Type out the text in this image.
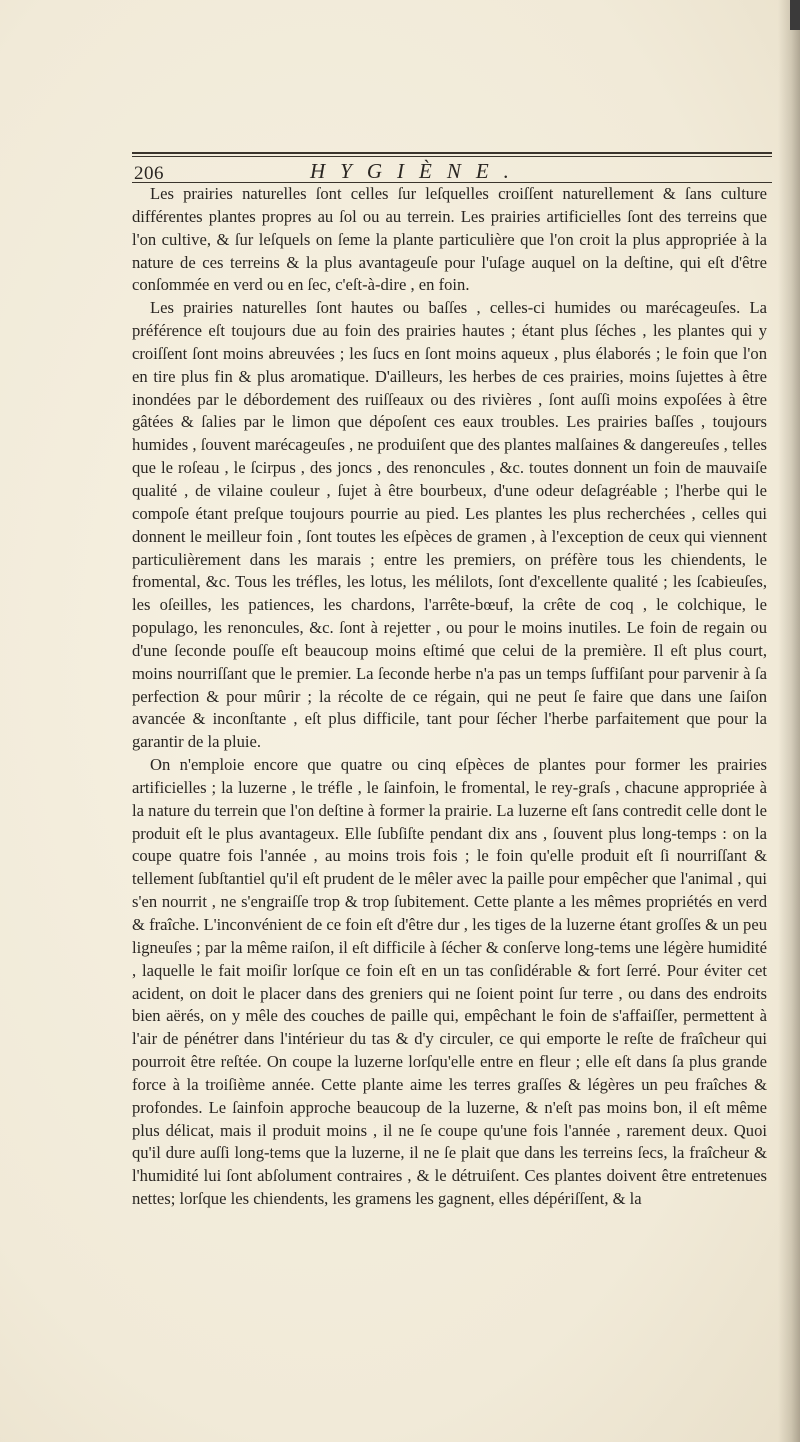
206	HYGIÈNE.

Les prairies naturelles ſont celles ſur leſquelles croiſſent naturellement & ſans culture différentes plantes propres au ſol ou au terrein. Les prairies artificielles ſont des terreins que l'on cultive, & ſur leſquels on ſeme la plante particulière que l'on croit la plus appropriée à la nature de ces terreins & la plus avantageuſe pour l'uſage auquel on la deſtine, qui eſt d'être conſommée en verd ou en ſec, c'eſt-à-dire , en foin.

Les prairies naturelles ſont hautes ou baſſes , celles-ci humides ou marécageuſes. La préférence eſt toujours due au foin des prairies hautes ; étant plus ſéches , les plantes qui y croiſſent ſont moins abreuvées ; les ſucs en ſont moins aqueux , plus élaborés ; le foin que l'on en tire plus fin & plus aromatique. D'ailleurs, les herbes de ces prairies, moins ſujettes à être inondées par le débordement des ruiſſeaux ou des rivières , ſont auſſi moins expoſées à être gâtées & ſalies par le limon que dépoſent ces eaux troubles. Les prairies baſſes , toujours humides , ſouvent marécageuſes , ne produiſent que des plantes malſaines & dangereuſes , telles que le roſeau , le ſcirpus , des joncs , des renoncules , &c. toutes donnent un foin de mauvaiſe qualité , de vilaine couleur , ſujet à être bourbeux, d'une odeur deſagréable ; l'herbe qui le compoſe étant preſque toujours pourrie au pied. Les plantes les plus recherchées , celles qui donnent le meilleur foin , ſont toutes les eſpèces de gramen , à l'exception de ceux qui viennent particulièrement dans les marais ; entre les premiers, on préfère tous les chiendents, le fromental, &c. Tous les tréfles, les lotus, les mélilots, ſont d'excellente qualité ; les ſcabieuſes, les oſeilles, les patiences, les chardons, l'arrête-bœuf, la crête de coq , le colchique, le populago, les renoncules, &c. ſont à rejetter , ou pour le moins inutiles. Le foin de regain ou d'une ſeconde pouſſe eſt beaucoup moins eſtimé que celui de la première. Il eſt plus court, moins nourriſſant que le premier. La ſeconde herbe n'a pas un temps ſuffiſant pour parvenir à ſa perfection & pour mûrir ; la récolte de ce régain, qui ne peut ſe faire que dans une ſaiſon avancée & inconſtante , eſt plus difficile, tant pour ſécher l'herbe parfaitement que pour la garantir de la pluie.

On n'emploie encore que quatre ou cinq eſpèces de plantes pour former les prairies artificielles ; la luzerne , le tréfle , le ſainfoin, le fromental, le rey-graſs , chacune appropriée à la nature du terrein que l'on deſtine à former la prairie. La luzerne eſt ſans contredit celle dont le produit eſt le plus avantageux. Elle ſubſiſte pendant dix ans , ſouvent plus long-temps : on la coupe quatre fois l'année , au moins trois fois ; le foin qu'elle produit eſt ſi nourriſſant & tellement ſubſtantiel qu'il eſt prudent de le mêler avec la paille pour empêcher que l'animal , qui s'en nourrit , ne s'engraiſſe trop & trop ſubitement. Cette plante a les mêmes propriétés en verd & fraîche. L'inconvénient de ce foin eſt d'être dur , les tiges de la luzerne étant groſſes & un peu ligneuſes ; par la même raiſon, il eſt difficile à ſécher & conſerve long-tems une légère humidité , laquelle le fait moiſir lorſque ce foin eſt en un tas conſidérable & fort ſerré. Pour éviter cet acident, on doit le placer dans des greniers qui ne ſoient point ſur terre , ou dans des endroits bien aërés, on y mêle des couches de paille qui, empêchant le foin de s'affaiſſer, permettent à l'air de pénétrer dans l'intérieur du tas & d'y circuler, ce qui emporte le reſte de fraîcheur qui pourroit être reſtée. On coupe la luzerne lorſqu'elle entre en fleur ; elle eſt dans ſa plus grande force à la troiſième année. Cette plante aime les terres graſſes & légères un peu fraîches & profondes. Le ſainfoin approche beaucoup de la luzerne, & n'eſt pas moins bon, il eſt même plus délicat, mais il produit moins , il ne ſe coupe qu'une fois l'année , rarement deux. Quoi qu'il dure auſſi long-tems que la luzerne, il ne ſe plait que dans les terreins ſecs, la fraîcheur & l'humidité lui ſont abſolument contraires , & le détruiſent. Ces plantes doivent être entretenues nettes; lorſque les chiendents, les gramens les gagnent, elles dépériſſent, & la
